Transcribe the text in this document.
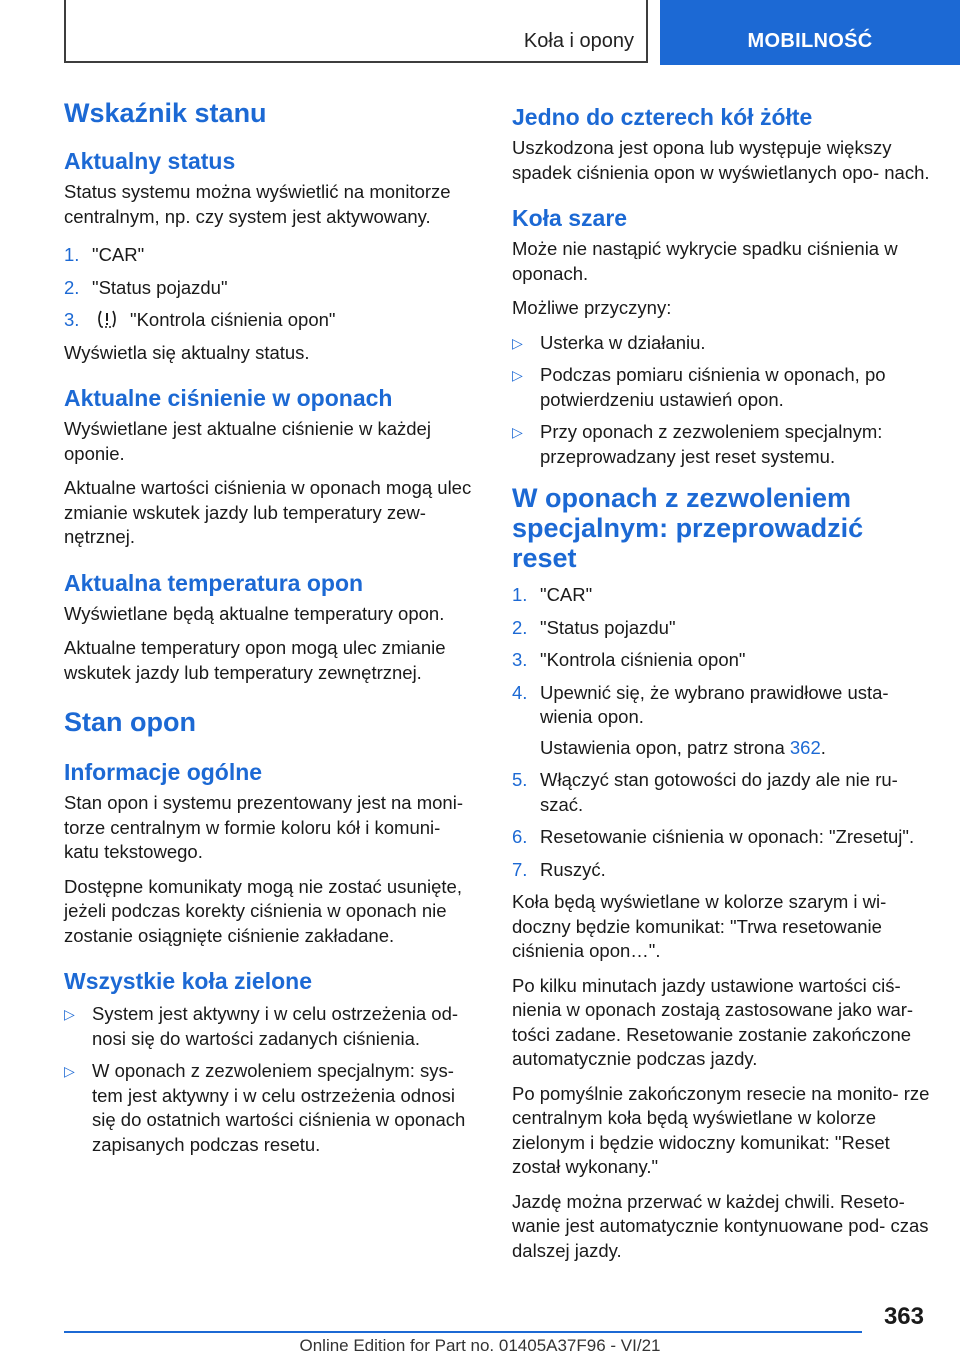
Koła i opony	MOBILNOŚĆ
Wskaźnik stanu
Aktualny status

Status systemu można wyświetlić na monitorze centralnym, np. czy system jest aktywowany.

1. "CAR"
2. "Status pojazdu"
3.	"Kontrola ciśnienia opon"

Wyświetla się aktualny status.

Aktualne ciśnienie w oponach

Wyświetlane jest aktualne ciśnienie w każdej oponie.

Aktualne wartości ciśnienia w oponach mogą ulec zmianie wskutek jazdy lub temperatury zew‐ nętrznej.

Aktualna temperatura opon

Wyświetlane będą aktualne temperatury opon.

Aktualne temperatury opon mogą ulec zmianie wskutek jazdy lub temperatury zewnętrznej.

Stan opon
Informacje ogólne

Stan opon i systemu prezentowany jest na moni‐ torze centralnym w formie koloru kół i komuni‐ katu tekstowego.

Dostępne komunikaty mogą nie zostać usunięte, jeżeli podczas korekty ciśnienia w oponach nie zostanie osiągnięte ciśnienie zakładane.

Wszystkie koła zielone
▷ System jest aktywny i w celu ostrzeżenia od‐ nosi się do wartości zadanych ciśnienia.
▷ W oponach z zezwoleniem specjalnym: sys‐ tem jest aktywny i w celu ostrzeżenia odnosi się do ostatnich wartości ciśnienia w oponach zapisanych podczas resetu.
Jedno do czterech kół żółte

Uszkodzona jest opona lub występuje większy spadek ciśnienia opon w wyświetlanych opo‐ nach.

Koła szare

Może nie nastąpić wykrycie spadku ciśnienia w oponach.

Możliwe przyczyny:

▷ Usterka w działaniu.
▷ Podczas pomiaru ciśnienia w oponach, po potwierdzeniu ustawień opon.
▷ Przy oponach z zezwoleniem specjalnym: przeprowadzany jest reset systemu.
W oponach z zezwoleniem specjalnym: przeprowadzić reset
1. "CAR"
2. "Status pojazdu"
3. "Kontrola ciśnienia opon"
4. Upewnić się, że wybrano prawidłowe usta‐ wienia opon.
Ustawienia opon, patrz strona 362.
5. Włączyć stan gotowości do jazdy ale nie ru‐ szać.
6. Resetowanie ciśnienia w oponach: "Zresetuj".
7. Ruszyć.

Koła będą wyświetlane w kolorze szarym i wi‐ doczny będzie komunikat: "Trwa resetowanie ciśnienia opon…".

Po kilku minutach jazdy ustawione wartości ciś‐ nienia w oponach zostają zastosowane jako war‐ tości zadane. Resetowanie zostanie zakończone automatycznie podczas jazdy.

Po pomyślnie zakończonym resecie na monito‐ rze centralnym koła będą wyświetlane w kolorze zielonym i będzie widoczny komunikat: "Reset został wykonany."

Jazdę można przerwać w każdej chwili. Reseto‐ wanie jest automatycznie kontynuowane pod‐ czas dalszej jazdy.

363
Online Edition for Part no. 01405A37F96 - VI/21
